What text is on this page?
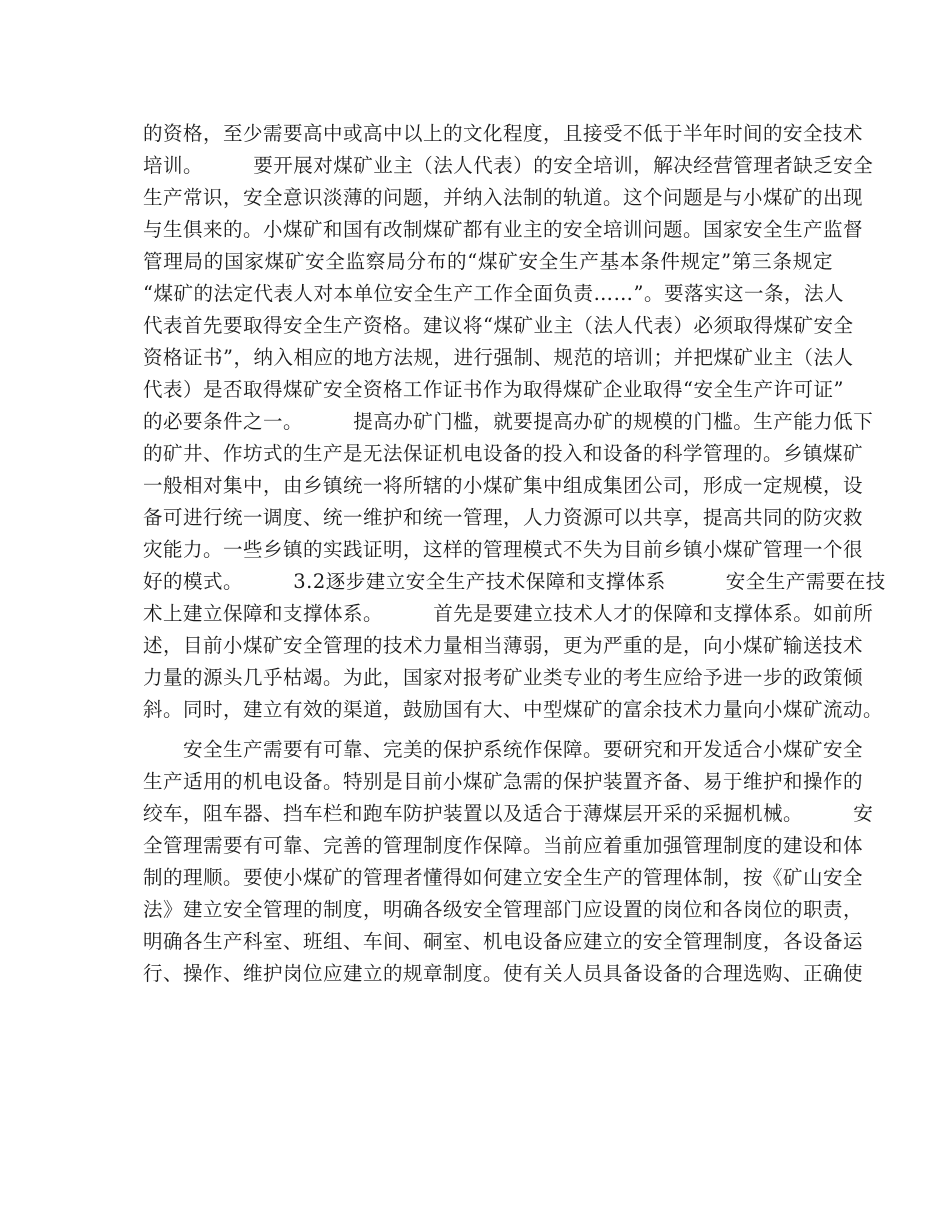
的资格，至少需要高中或高中以上的文化程度，且接受不低于半年时间的安全技术
培训。　　　要开展对煤矿业主（法人代表）的安全培训，解决经营管理者缺乏安全
生产常识，安全意识淡薄的问题，并纳入法制的轨道。这个问题是与小煤矿的出现
与生俱来的。小煤矿和国有改制煤矿都有业主的安全培训问题。国家安全生产监督
管理局的国家煤矿安全监察局分布的“煤矿安全生产基本条件规定”第三条规定
“煤矿的法定代表人对本单位安全生产工作全面负责……”。要落实这一条，法人
代表首先要取得安全生产资格。建议将“煤矿业主（法人代表）必须取得煤矿安全
资格证书”，纳入相应的地方法规，进行强制、规范的培训；并把煤矿业主（法人
代表）是否取得煤矿安全资格工作证书作为取得煤矿企业取得“安全生产许可证”
的必要条件之一。　　　提高办矿门槛，就要提高办矿的规模的门槛。生产能力低下
的矿井、作坊式的生产是无法保证机电设备的投入和设备的科学管理的。乡镇煤矿
一般相对集中，由乡镇统一将所辖的小煤矿集中组成集团公司，形成一定规模，设
备可进行统一调度、统一维护和统一管理，人力资源可以共享，提高共同的防灾救
灾能力。一些乡镇的实践证明，这样的管理模式不失为目前乡镇小煤矿管理一个很
好的模式。　　　3.2逐步建立安全生产技术保障和支撑体系　　　安全生产需要在技
术上建立保障和支撑体系。　　　首先是要建立技术人才的保障和支撑体系。如前所
述，目前小煤矿安全管理的技术力量相当薄弱，更为严重的是，向小煤矿输送技术
力量的源头几乎枯竭。为此，国家对报考矿业类专业的考生应给予进一步的政策倾
斜。同时，建立有效的渠道，鼓励国有大、中型煤矿的富余技术力量向小煤矿流动。
　　安全生产需要有可靠、完美的保护系统作保障。要研究和开发适合小煤矿安全
生产适用的机电设备。特别是目前小煤矿急需的保护装置齐备、易于维护和操作的
绞车，阻车器、挡车栏和跑车防护装置以及适合于薄煤层开采的采掘机械。　　　安
全管理需要有可靠、完善的管理制度作保障。当前应着重加强管理制度的建设和体
制的理顺。要使小煤矿的管理者懂得如何建立安全生产的管理体制，按《矿山安全
法》建立安全管理的制度，明确各级安全管理部门应设置的岗位和各岗位的职责，
明确各生产科室、班组、车间、硐室、机电设备应建立的安全管理制度，各设备运
行、操作、维护岗位应建立的规章制度。使有关人员具备设备的合理选购、正确使
